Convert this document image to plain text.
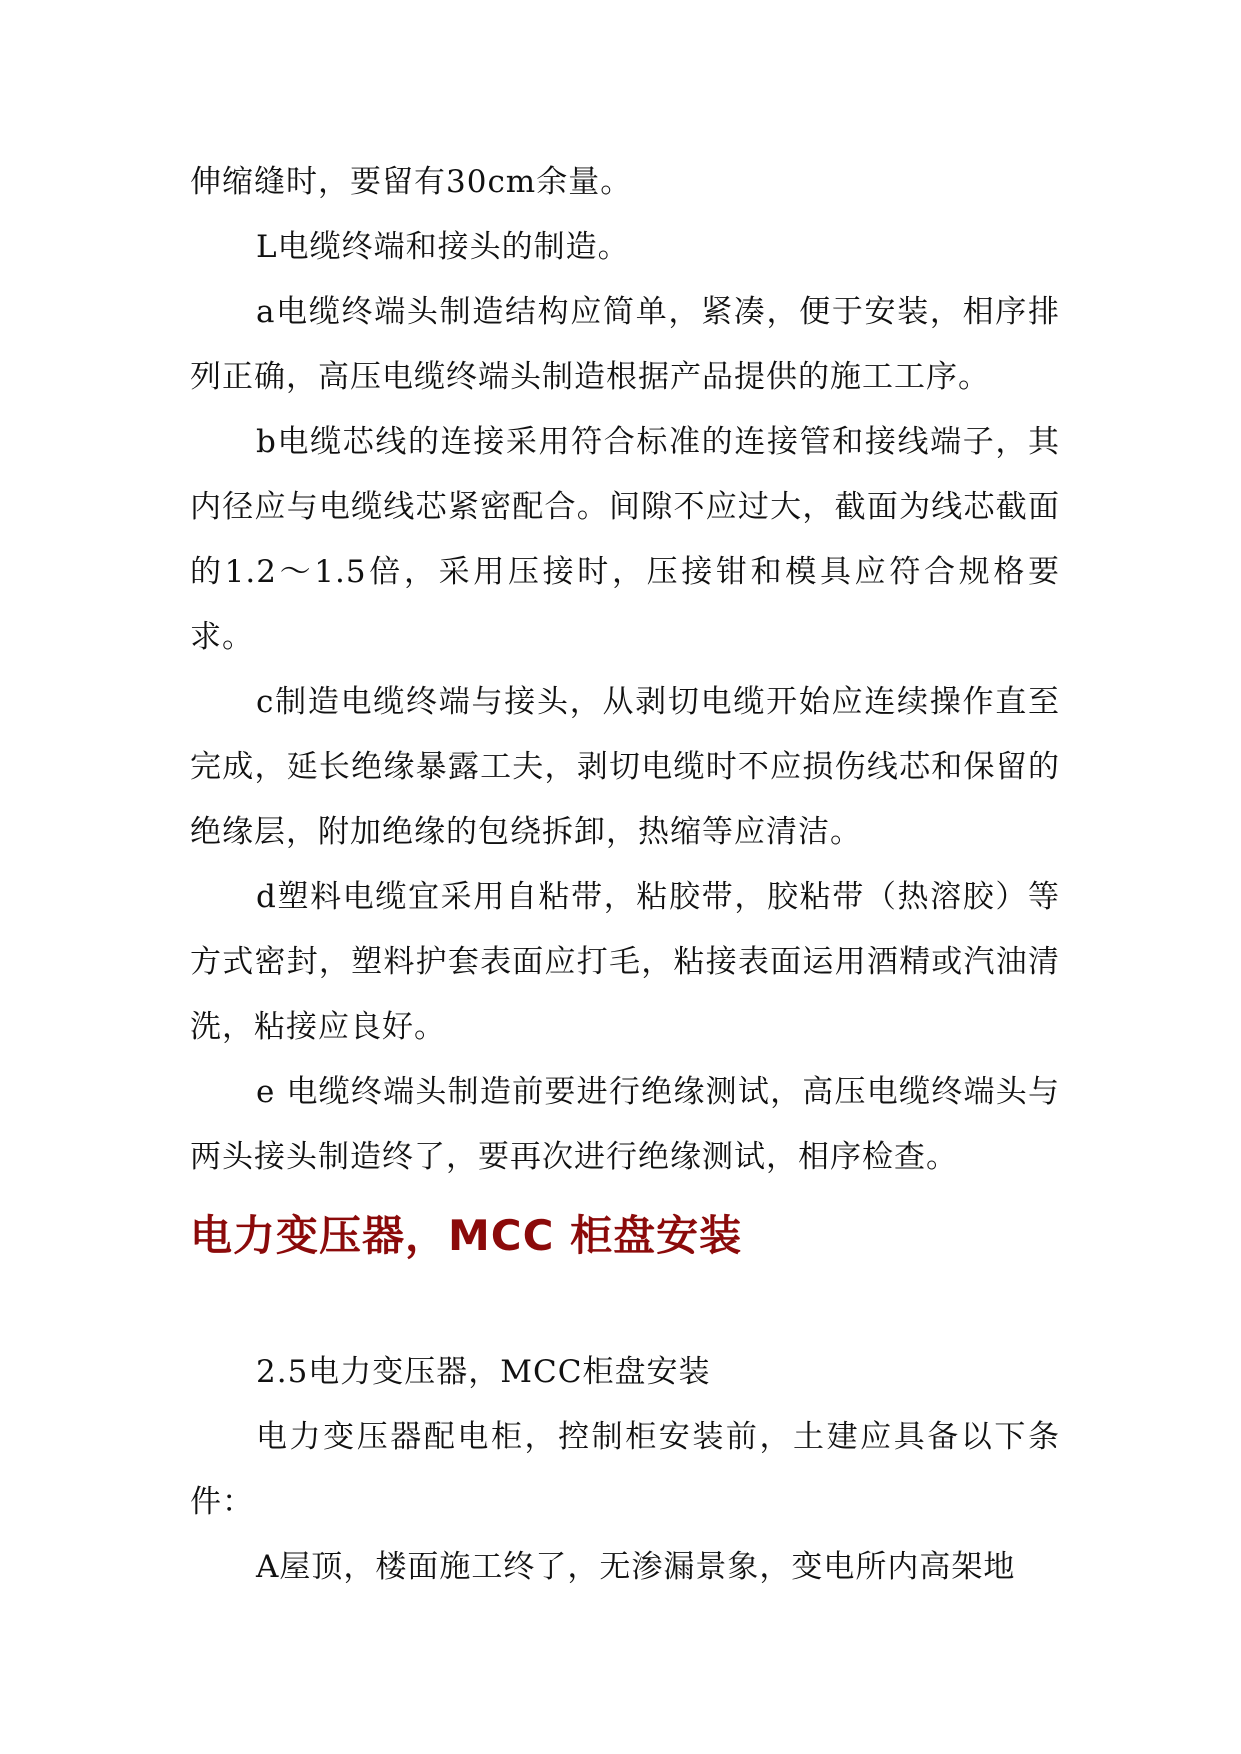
伸缩缝时，要留有30cm余量。

L电缆终端和接头的制造。

a电缆终端头制造结构应简单，紧凑，便于安装，相序排列正确，高压电缆终端头制造根据产品提供的施工工序。

b电缆芯线的连接采用符合标准的连接管和接线端子，其内径应与电缆线芯紧密配合。间隙不应过大，截面为线芯截面的1.2～1.5倍，采用压接时，压接钳和模具应符合规格要求。

c制造电缆终端与接头，从剥切电缆开始应连续操作直至完成，延长绝缘暴露工夫，剥切电缆时不应损伤线芯和保留的绝缘层，附加绝缘的包绕拆卸，热缩等应清洁。

d塑料电缆宜采用自粘带，粘胶带，胶粘带（热溶胶）等方式密封，塑料护套表面应打毛，粘接表面运用酒精或汽油清洗，粘接应良好。

e 电缆终端头制造前要进行绝缘测试，高压电缆终端头与两头接头制造终了，要再次进行绝缘测试，相序检查。

电力变压器，MCC 柜盘安装

2.5电力变压器，MCC柜盘安装

电力变压器配电柜，控制柜安装前，土建应具备以下条件：

A屋顶，楼面施工终了，无渗漏景象，变电所内高架地
